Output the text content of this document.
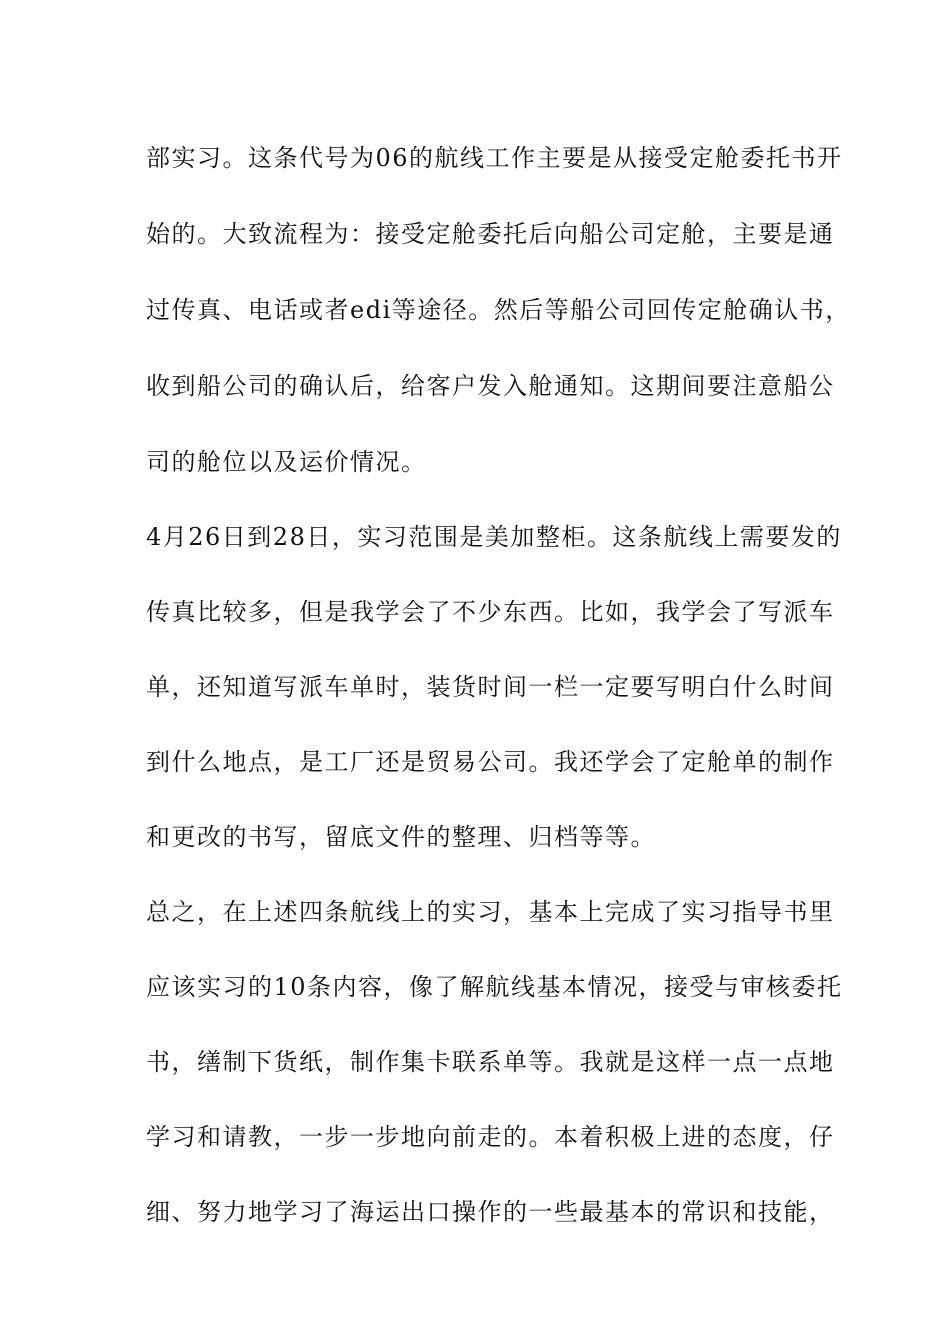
部实习。这条代号为06的航线工作主要是从接受定舱委托书开
始的。大致流程为：接受定舱委托后向船公司定舱，主要是通
过传真、电话或者edi等途径。然后等船公司回传定舱确认书，
收到船公司的确认后，给客户发入舱通知。这期间要注意船公
司的舱位以及运价情况。
4月26日到28日，实习范围是美加整柜。这条航线上需要发的
传真比较多，但是我学会了不少东西。比如，我学会了写派车
单，还知道写派车单时，装货时间一栏一定要写明白什么时间
到什么地点，是工厂还是贸易公司。我还学会了定舱单的制作
和更改的书写，留底文件的整理、归档等等。
总之，在上述四条航线上的实习，基本上完成了实习指导书里
应该实习的10条内容，像了解航线基本情况，接受与审核委托
书，缮制下货纸，制作集卡联系单等。我就是这样一点一点地
学习和请教，一步一步地向前走的。本着积极上进的态度，仔
细、努力地学习了海运出口操作的一些最基本的常识和技能，
